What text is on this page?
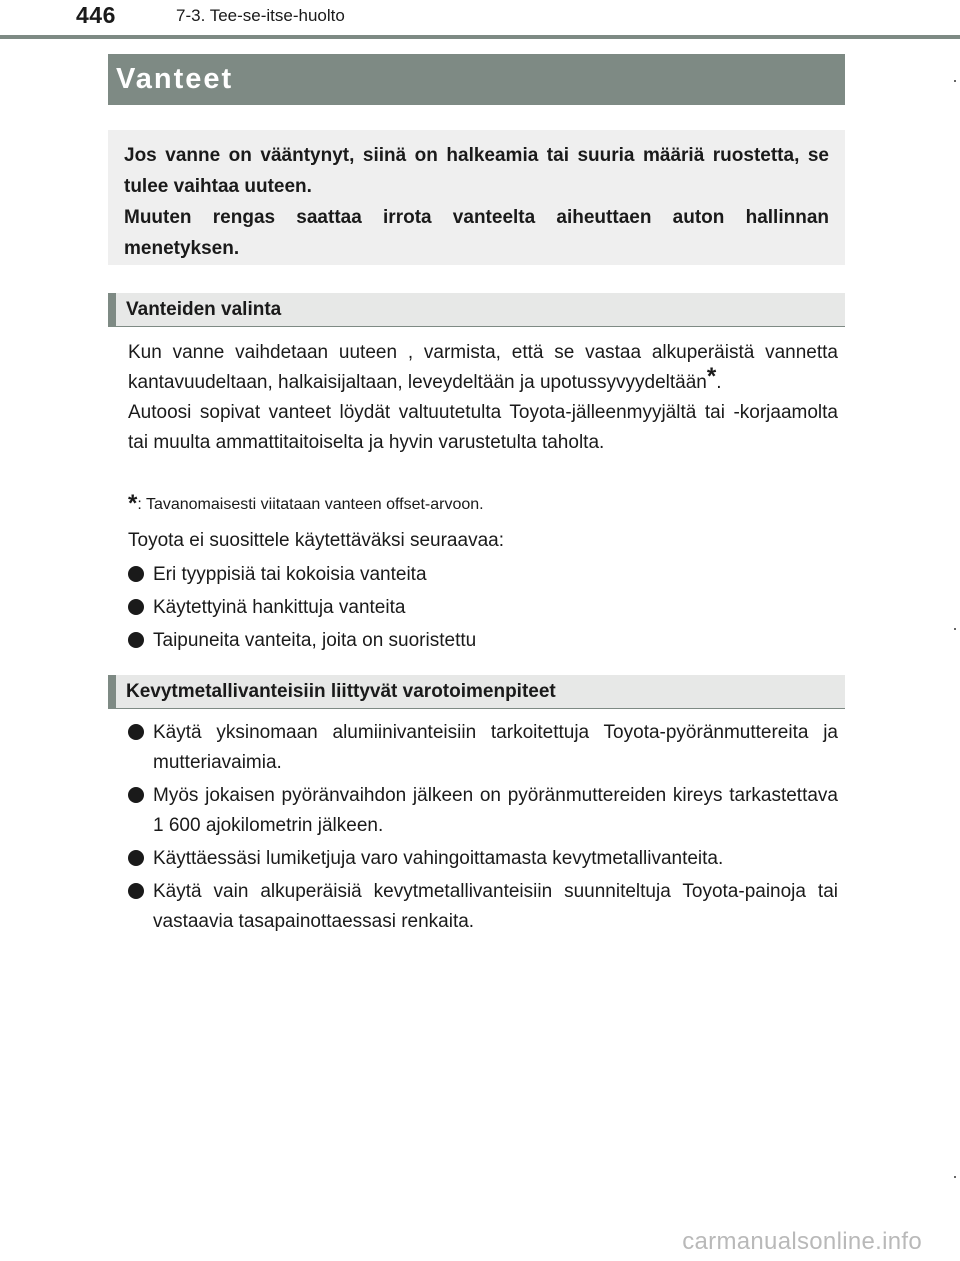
446	7-3. Tee-se-itse-huolto
Vanteet

Jos vanne on vääntynyt, siinä on halkeamia tai suuria määriä ruostetta, se tulee vaihtaa uuteen.

Muuten rengas saattaa irrota vanteelta aiheuttaen auton hallinnan menetyksen.

Vanteiden valinta

Kun vanne vaihdetaan uuteen , varmista, että se vastaa alkuperäistä vannetta kantavuudeltaan, halkaisijaltaan, leveydeltään ja upotussyvyydeltään*.

Autoosi sopivat vanteet löydät valtuutetulta Toyota-jälleenmyyjältä tai -korjaamolta tai muulta ammattitaitoiselta ja hyvin varustetulta taholta.

*: Tavanomaisesti viitataan vanteen offset-arvoon.
Toyota ei suosittele käytettäväksi seuraavaa:
Eri tyyppisiä tai kokoisia vanteita
Käytettyinä hankittuja vanteita
Taipuneita vanteita, joita on suoristettu
Kevytmetallivanteisiin liittyvät varotoimenpiteet
Käytä yksinomaan alumiinivanteisiin tarkoitettuja Toyota-pyöränmuttereita ja mutteriavaimia.
Myös jokaisen pyöränvaihdon jälkeen on pyöränmuttereiden kireys tarkastettava 1 600 ajokilometrin jälkeen.
Käyttäessäsi lumiketjuja varo vahingoittamasta kevytmetallivanteita.
Käytä vain alkuperäisiä kevytmetallivanteisiin suunniteltuja Toyota-painoja tai vastaavia tasapainottaessasi renkaita.
carmanualsonline.info
